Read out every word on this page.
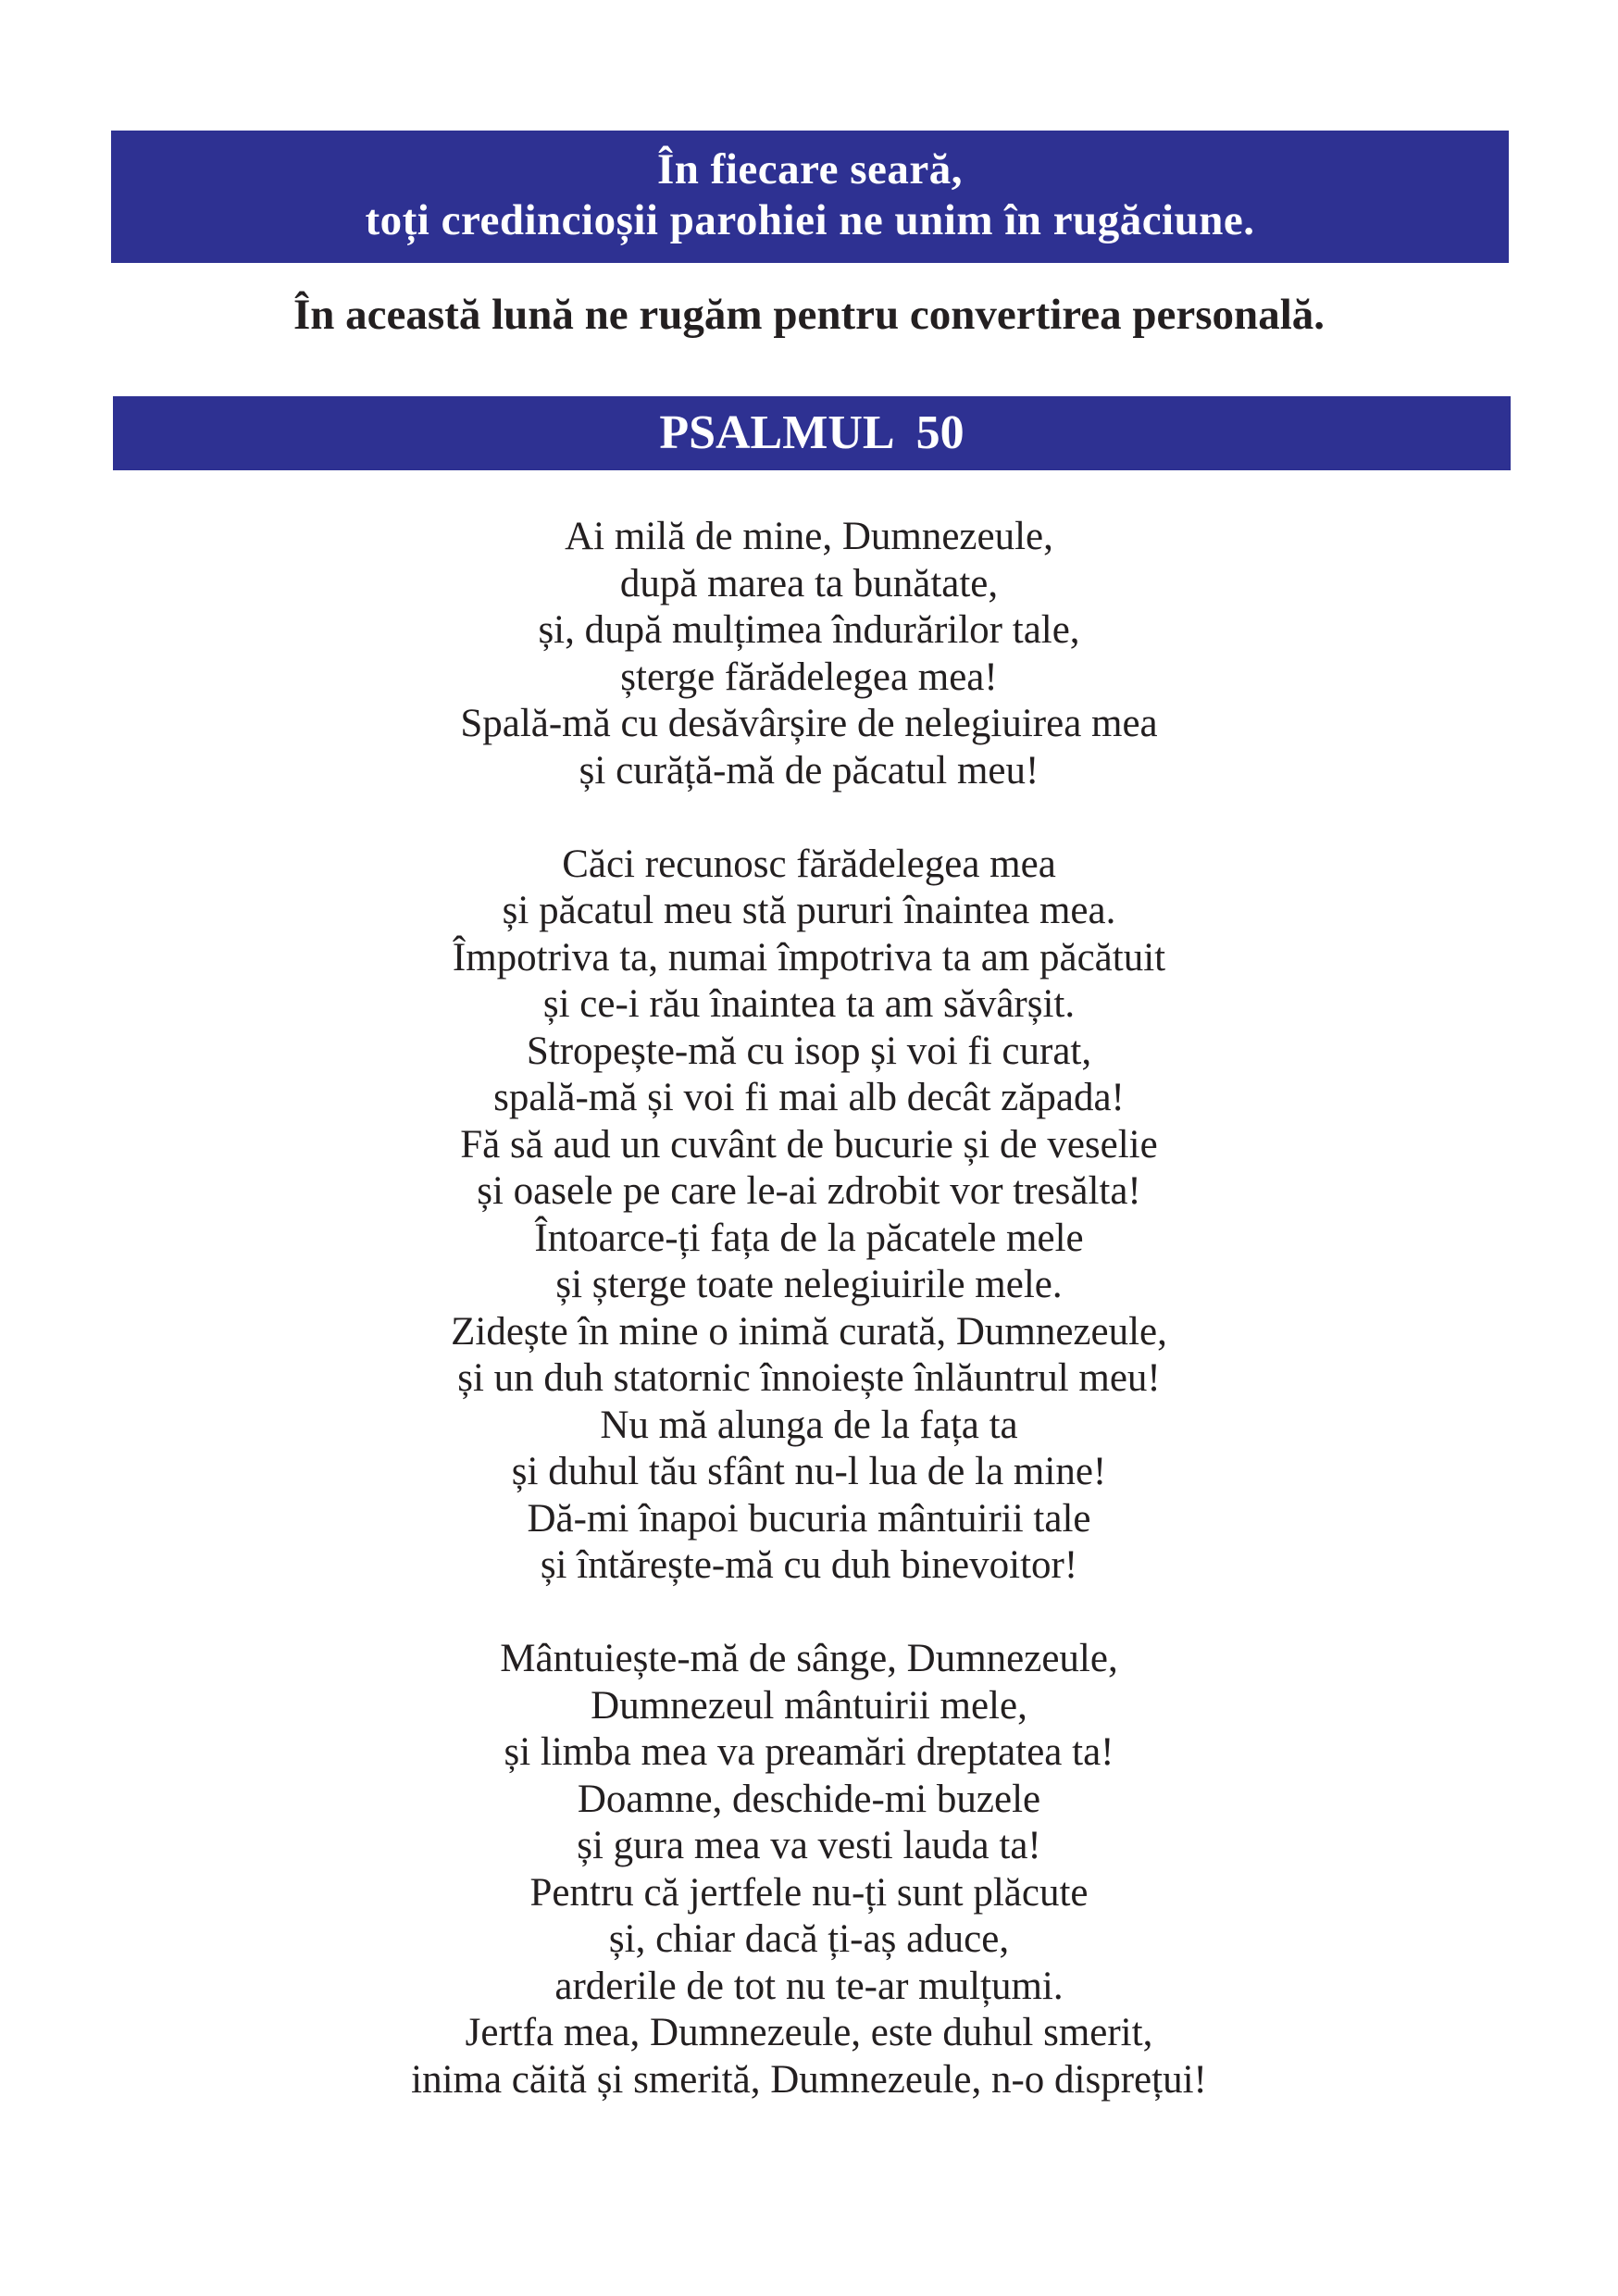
În fiecare seară,
toți credincioșii parohiei ne unim în rugăciune.
În această lună ne rugăm pentru convertirea personală.
PSALMUL  50
Ai milă de mine, Dumnezeule,
după marea ta bunătate,
și, după mulțimea îndurărilor tale,
șterge fărădelegea mea!
Spală-mă cu desăvârșire de nelegiuirea mea
și curăță-mă de păcatul meu!
Căci recunosc fărădelegea mea
și păcatul meu stă pururi înaintea mea.
Împotriva ta, numai împotriva ta am păcătuit
și ce-i rău înaintea ta am săvârșit.
Stropește-mă cu isop și voi fi curat,
spală-mă și voi fi mai alb decât zăpada!
Fă să aud un cuvânt de bucurie și de veselie
și oasele pe care le-ai zdrobit vor tresălta!
Întoarce-ți fața de la păcatele mele
și șterge toate nelegiuirile mele.
Zidește în mine o inimă curată, Dumnezeule,
și un duh statornic înnoiește înlăuntrul meu!
Nu mă alunga de la fața ta
și duhul tău sfânt nu-l lua de la mine!
Dă-mi înapoi bucuria mântuirii tale
și întărește-mă cu duh binevoitor!
Mântuiește-mă de sânge, Dumnezeule,
Dumnezeul mântuirii mele,
și limba mea va preamări dreptatea ta!
Doamne, deschide-mi buzele
și gura mea va vesti lauda ta!
Pentru că jertfele nu-ți sunt plăcute
și, chiar dacă ți-aș aduce,
arderile de tot nu te-ar mulțumi.
Jertfa mea, Dumnezeule, este duhul smerit,
inima căită și smerită, Dumnezeule, n-o disprețui!
